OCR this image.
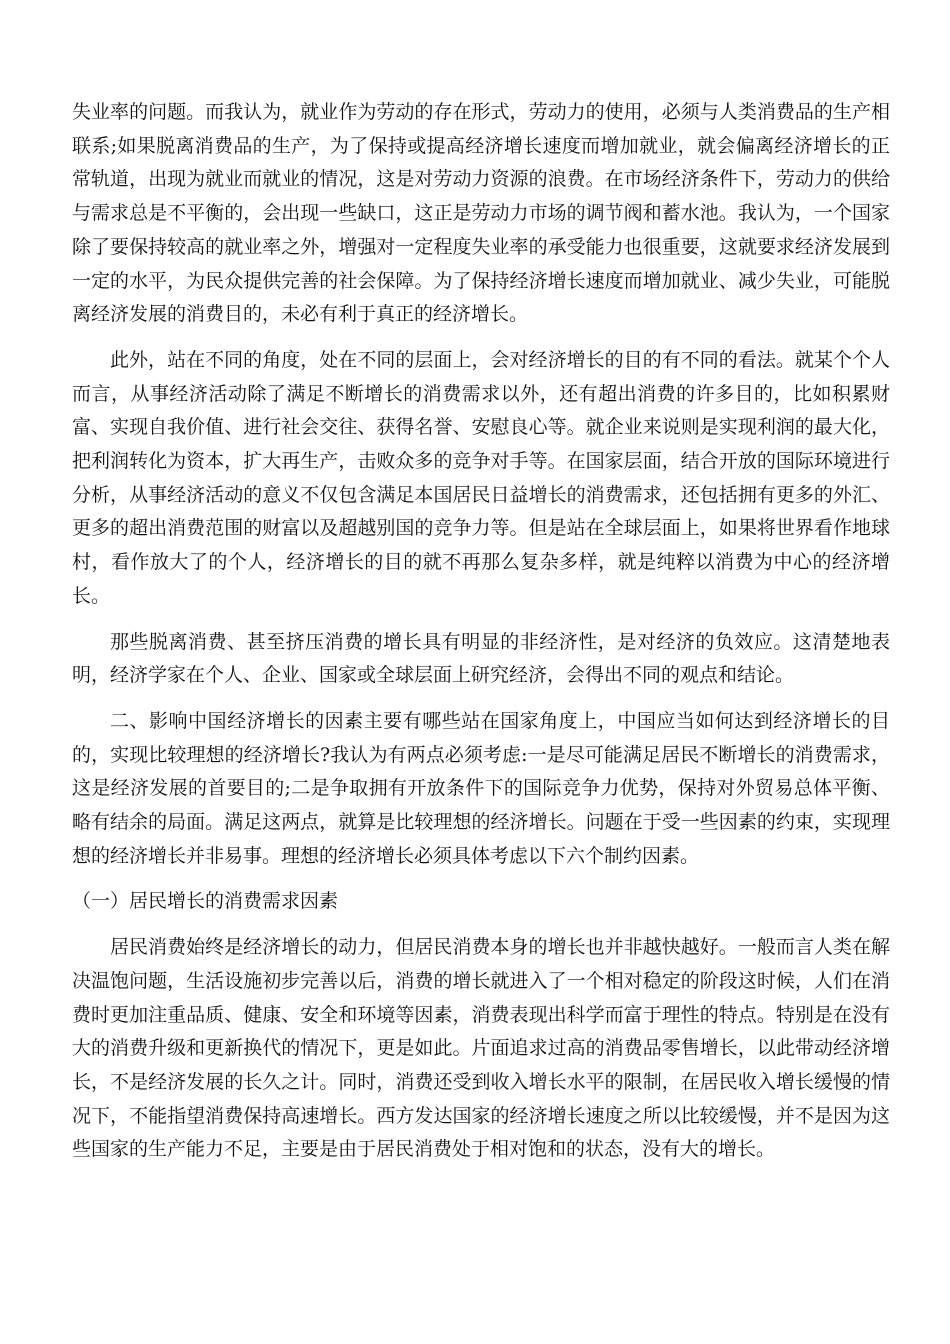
失业率的问题。而我认为，就业作为劳动的存在形式，劳动力的使用，必须与人类消费品的生产相联系;如果脱离消费品的生产，为了保持或提高经济增长速度而增加就业，就会偏离经济增长的正常轨道，出现为就业而就业的情况，这是对劳动力资源的浪费。在市场经济条件下，劳动力的供给与需求总是不平衡的，会出现一些缺口，这正是劳动力市场的调节阀和蓄水池。我认为，一个国家除了要保持较高的就业率之外，增强对一定程度失业率的承受能力也很重要，这就要求经济发展到一定的水平，为民众提供完善的社会保障。为了保持经济增长速度而增加就业、减少失业，可能脱离经济发展的消费目的，未必有利于真正的经济增长。

此外，站在不同的角度，处在不同的层面上，会对经济增长的目的有不同的看法。就某个个人而言，从事经济活动除了满足不断增长的消费需求以外，还有超出消费的许多目的，比如积累财富、实现自我价值、进行社会交往、获得名誉、安慰良心等。就企业来说则是实现利润的最大化，把利润转化为资本，扩大再生产，击败众多的竞争对手等。在国家层面，结合开放的国际环境进行分析，从事经济活动的意义不仅包含满足本国居民日益增长的消费需求，还包括拥有更多的外汇、更多的超出消费范围的财富以及超越别国的竞争力等。但是站在全球层面上，如果将世界看作地球村，看作放大了的个人，经济增长的目的就不再那么复杂多样，就是纯粹以消费为中心的经济增长。

那些脱离消费、甚至挤压消费的增长具有明显的非经济性，是对经济的负效应。这清楚地表明，经济学家在个人、企业、国家或全球层面上研究经济，会得出不同的观点和结论。

二、影响中国经济增长的因素主要有哪些站在国家角度上，中国应当如何达到经济增长的目的，实现比较理想的经济增长?我认为有两点必须考虑:一是尽可能满足居民不断增长的消费需求，这是经济发展的首要目的;二是争取拥有开放条件下的国际竞争力优势，保持对外贸易总体平衡、略有结余的局面。满足这两点，就算是比较理想的经济增长。问题在于受一些因素的约束，实现理想的经济增长并非易事。理想的经济增长必须具体考虑以下六个制约因素。

（一）居民增长的消费需求因素

居民消费始终是经济增长的动力，但居民消费本身的增长也并非越快越好。一般而言人类在解决温饱问题，生活设施初步完善以后，消费的增长就进入了一个相对稳定的阶段这时候，人们在消费时更加注重品质、健康、安全和环境等因素，消费表现出科学而富于理性的特点。特别是在没有大的消费升级和更新换代的情况下，更是如此。片面追求过高的消费品零售增长，以此带动经济增长，不是经济发展的长久之计。同时，消费还受到收入增长水平的限制，在居民收入增长缓慢的情况下，不能指望消费保持高速增长。西方发达国家的经济增长速度之所以比较缓慢，并不是因为这些国家的生产能力不足，主要是由于居民消费处于相对饱和的状态，没有大的增长。
